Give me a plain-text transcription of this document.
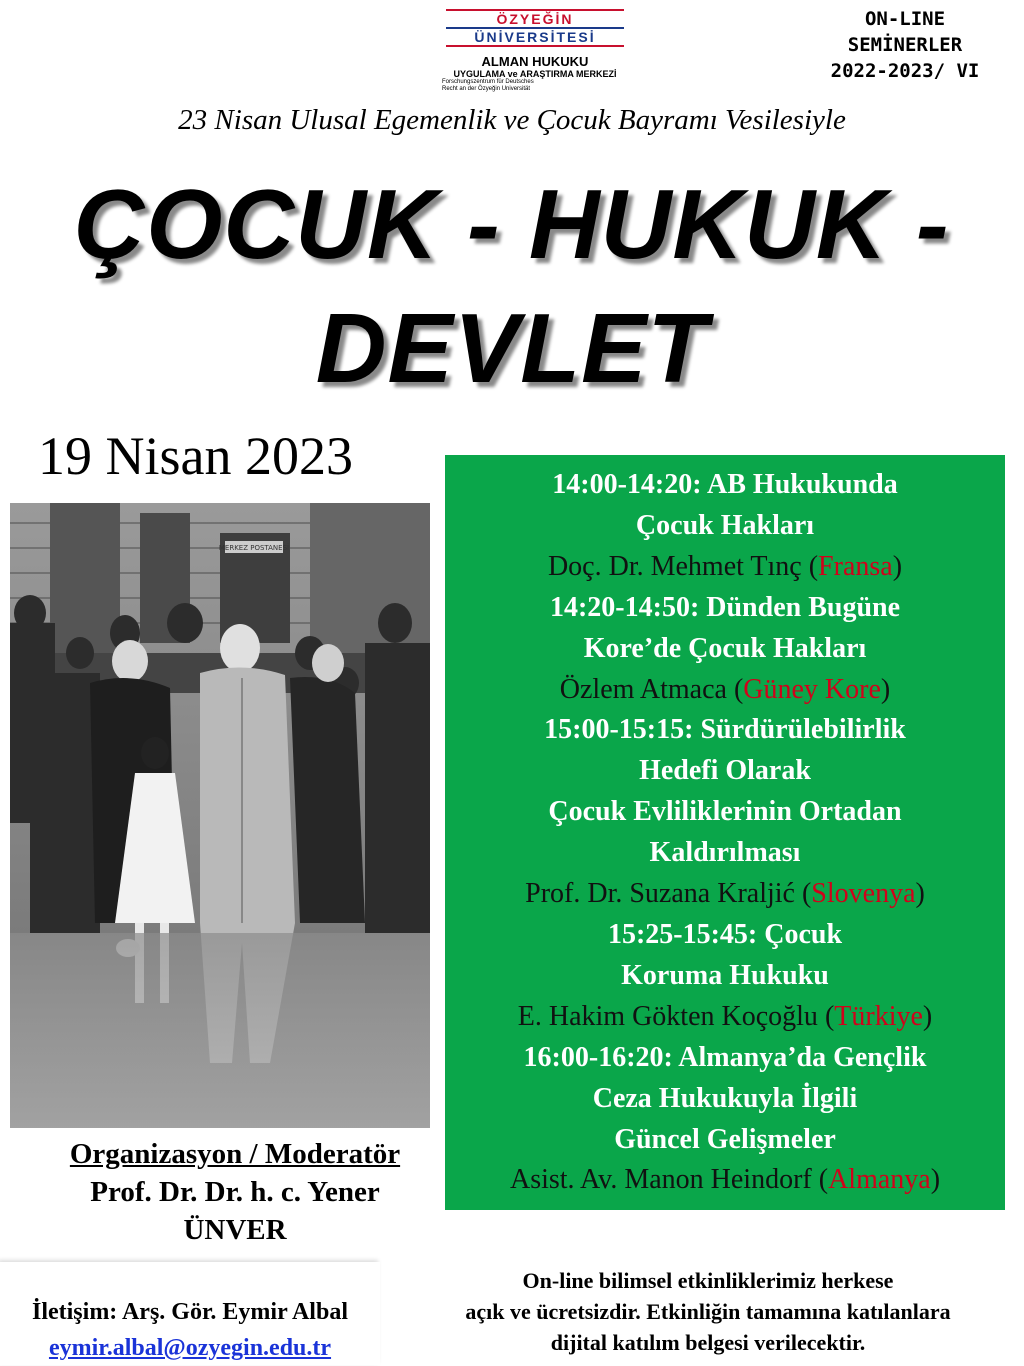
ÖZYEĞİN
ÜNİVERSİTESİ
ALMAN HUKUKU
UYGULAMA ve ARAŞTIRMA MERKEZİ
Forschungszentrum für Deutsches
Recht an der Özyeğin Universität
ON-LINE
SEMİNERLER
2022-2023/ VI
23 Nisan Ulusal Egemenlik ve Çocuk Bayramı Vesilesiyle
ÇOCUK - HUKUK -
DEVLET
19 Nisan 2023
MERKEZ POSTANESİ
14:00-14:20: AB Hukukunda
Çocuk Hakları
Doç. Dr. Mehmet Tınç (Fransa)
14:20-14:50: Dünden Bugüne
Kore’de Çocuk Hakları
Özlem Atmaca (Güney Kore)
15:00-15:15: Sürdürülebilirlik
Hedefi Olarak
Çocuk Evliliklerinin Ortadan
Kaldırılması
Prof. Dr. Suzana Kraljić (Slovenya)
15:25-15:45: Çocuk
Koruma Hukuku
E. Hakim Gökten Koçoğlu (Türkiye)
16:00-16:20: Almanya’da Gençlik
Ceza Hukukuyla İlgili
Güncel Gelişmeler
Asist. Av. Manon Heindorf (Almanya)
Organizasyon / Moderatör
Prof. Dr. Dr. h. c. Yener
ÜNVER
İletişim: Arş. Gör. Eymir Albal
eymir.albal@ozyegin.edu.tr
On-line bilimsel etkinliklerimiz herkese
açık ve ücretsizdir. Etkinliğin tamamına katılanlara
dijital katılım belgesi verilecektir.
